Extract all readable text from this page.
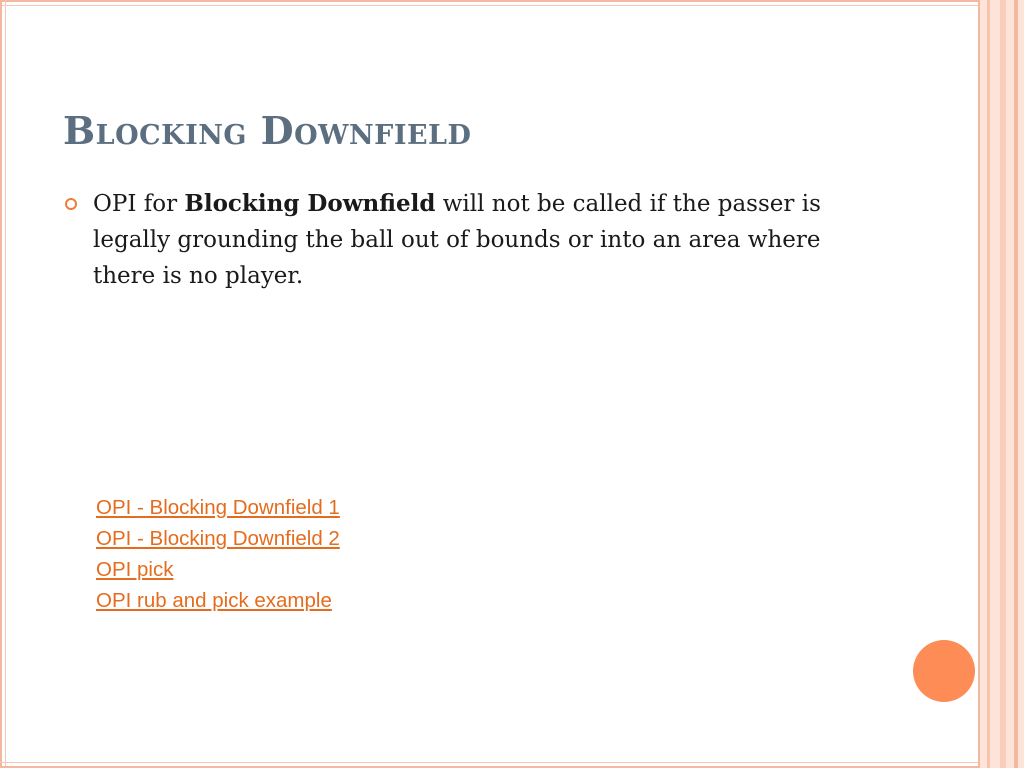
Blocking Downfield

OPI for Blocking Downfield will not be called if the passer is legally grounding the ball out of bounds or into an area where there is no player.

OPI - Blocking Downfield 1
OPI - Blocking Downfield 2
OPI pick
OPI rub and pick example
